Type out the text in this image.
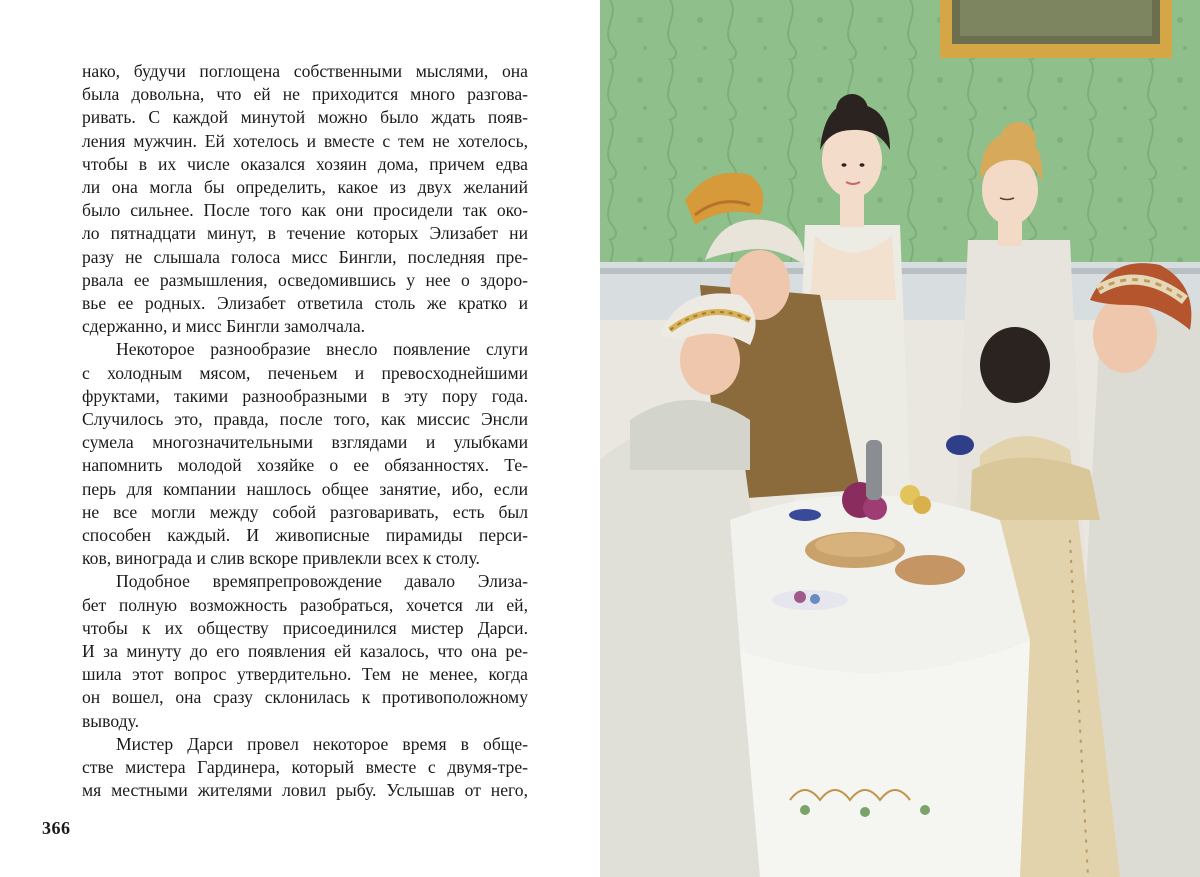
нако, будучи поглощена собственными мыслями, она
была довольна, что ей не приходится много разгова-
ривать. С каждой минутой можно было ждать появ-
ления мужчин. Ей хотелось и вместе с тем не хотелось,
чтобы в их числе оказался хозяин дома, причем едва
ли она могла бы определить, какое из двух желаний
было сильнее. После того как они просидели так око-
ло пятнадцати минут, в течение которых Элизабет ни
разу не слышала голоса мисс Бингли, последняя пре-
рвала ее размышления, осведомившись у нее о здоро-
вье ее родных. Элизабет ответила столь же кратко и
сдержанно, и мисс Бингли замолчала.

Некоторое разнообразие внесло появление слуги
с холодным мясом, печеньем и превосходнейшими
фруктами, такими разнообразными в эту пору года.
Случилось это, правда, после того, как миссис Энсли
сумела многозначительными взглядами и улыбками
напомнить молодой хозяйке о ее обязанностях. Те-
перь для компании нашлось общее занятие, ибо, если
не все могли между собой разговаривать, есть был
способен каждый. И живописные пирамиды перси-
ков, винограда и слив вскоре привлекли всех к столу.

Подобное времяпрепровождение давало Элиза-
бет полную возможность разобраться, хочется ли ей,
чтобы к их обществу присоединился мистер Дарси.
И за минуту до его появления ей казалось, что она ре-
шила этот вопрос утвердительно. Тем не менее, когда
он вошел, она сразу склонилась к противоположному
выводу.

Мистер Дарси провел некоторое время в обще-
стве мистера Гардинера, который вместе с двумя-тре-
мя местными жителями ловил рыбу. Услышав от него,

366
